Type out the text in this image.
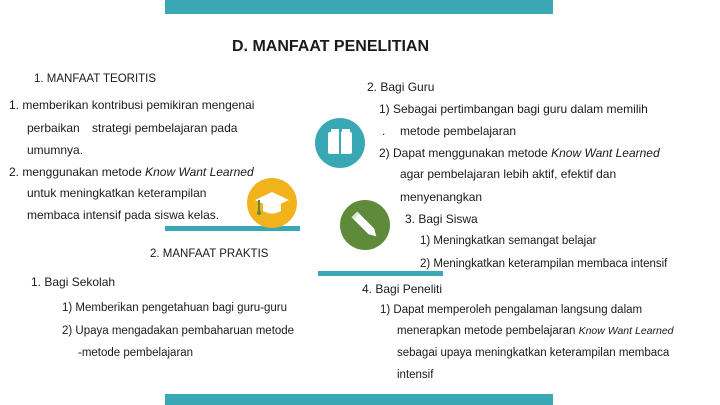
D. MANFAAT PENELITIAN
1. MANFAAT TEORITIS
1. memberikan kontribusi pemikiran mengenai
perbaikan strategi pembelajaran pada
umumnya.
2. menggunakan metode Know Want Learned
untuk meningkatkan keterampilan
membaca intensif pada siswa kelas.
2. MANFAAT PRAKTIS
1. Bagi Sekolah
1) Memberikan pengetahuan bagi guru-guru
2) Upaya mengadakan pembaharuan metode
-metode pembelajaran
2. Bagi Guru
1) Sebagai pertimbangan bagi guru dalam memilih
. metode pembelajaran
2) Dapat menggunakan metode Know Want Learned
agar pembelajaran lebih aktif, efektif dan
menyenangkan
3. Bagi Siswa
1) Meningkatkan semangat belajar
2) Meningkatkan keterampilan membaca intensif
4. Bagi Peneliti
1) Dapat memperoleh pengalaman langsung dalam
menerapkan metode pembelajaran Know Want Learned
sebagai upaya meningkatkan keterampilan membaca
intensif
